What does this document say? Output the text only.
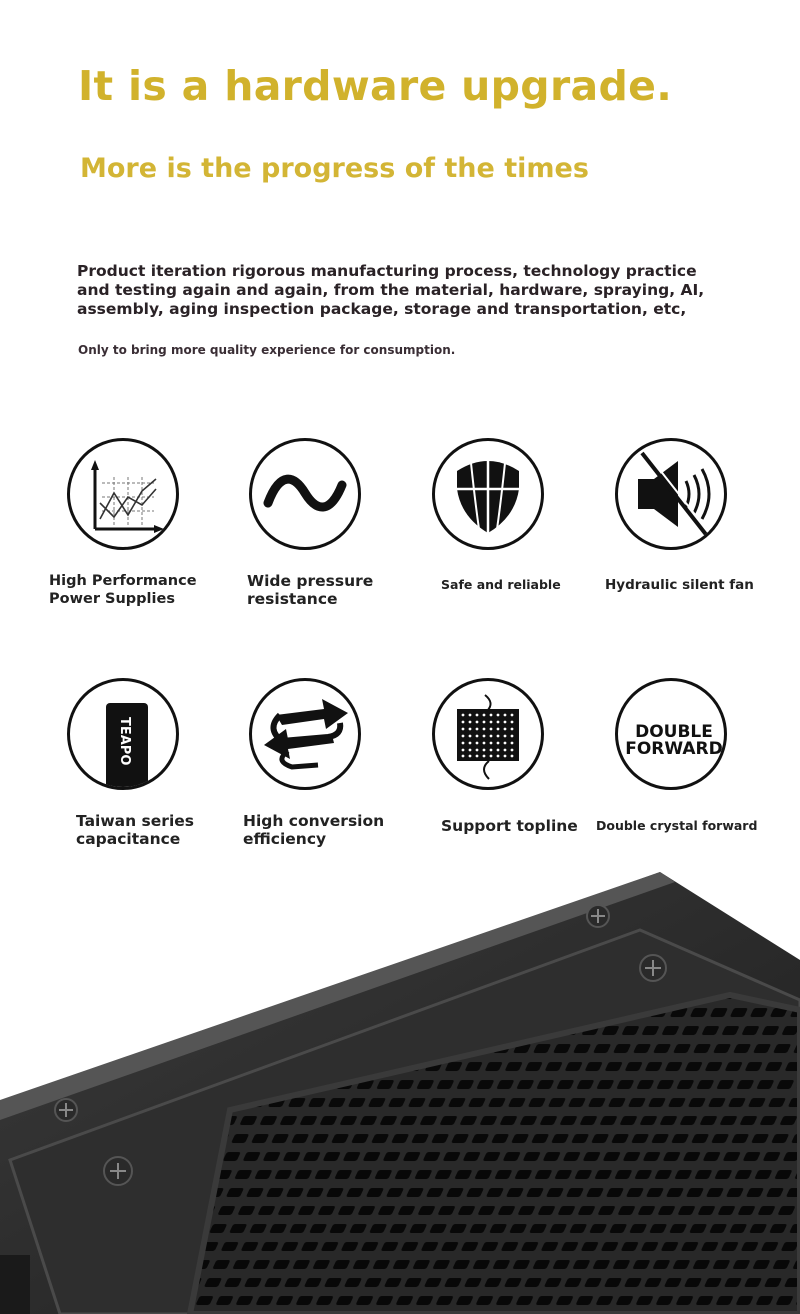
It is a hardware upgrade.
More is the progress of the times

Product iteration rigorous manufacturing process, technology practice and testing again and again, from the material, hardware, spraying, AI, assembly, aging inspection package, storage and transportation, etc,

Only to bring more quality experience for consumption.

High Performance
Power Supplies
Wide pressure
resistance
Safe and reliable	Hydraulic silent fan
TEAPO
Taiwan series
capacitance
High conversion
efficiency
Support topline
DOUBLE
FORWARD
Double crystal forward
